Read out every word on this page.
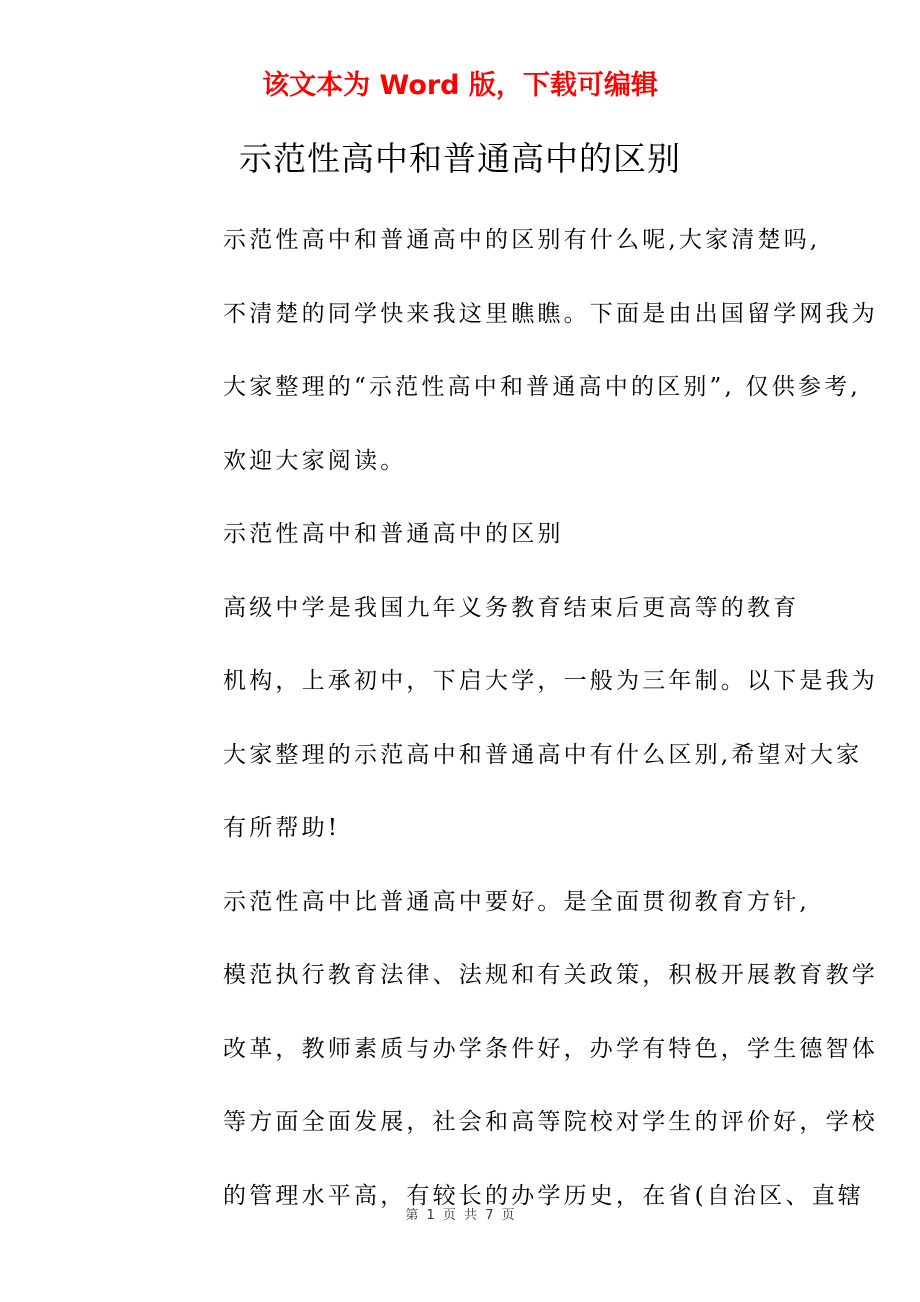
该文本为 Word 版，下载可编辑
示范性高中和普通高中的区别
示范性高中和普通高中的区别有什么呢,大家清楚吗,
不清楚的同学快来我这里瞧瞧。下面是由出国留学网我为
大家整理的“示范性高中和普通高中的区别”, 仅供参考,
欢迎大家阅读。
示范性高中和普通高中的区别
高级中学是我国九年义务教育结束后更高等的教育
机构，上承初中，下启大学，一般为三年制。以下是我为
大家整理的示范高中和普通高中有什么区别,希望对大家
有所帮助!
示范性高中比普通高中要好。是全面贯彻教育方针,
模范执行教育法律、法规和有关政策，积极开展教育教学
改革，教师素质与办学条件好，办学有特色，学生德智体
等方面全面发展，社会和高等院校对学生的评价好，学校
的管理水平高，有较长的办学历史，在省(自治区、直辖
第 1 页 共 7 页
